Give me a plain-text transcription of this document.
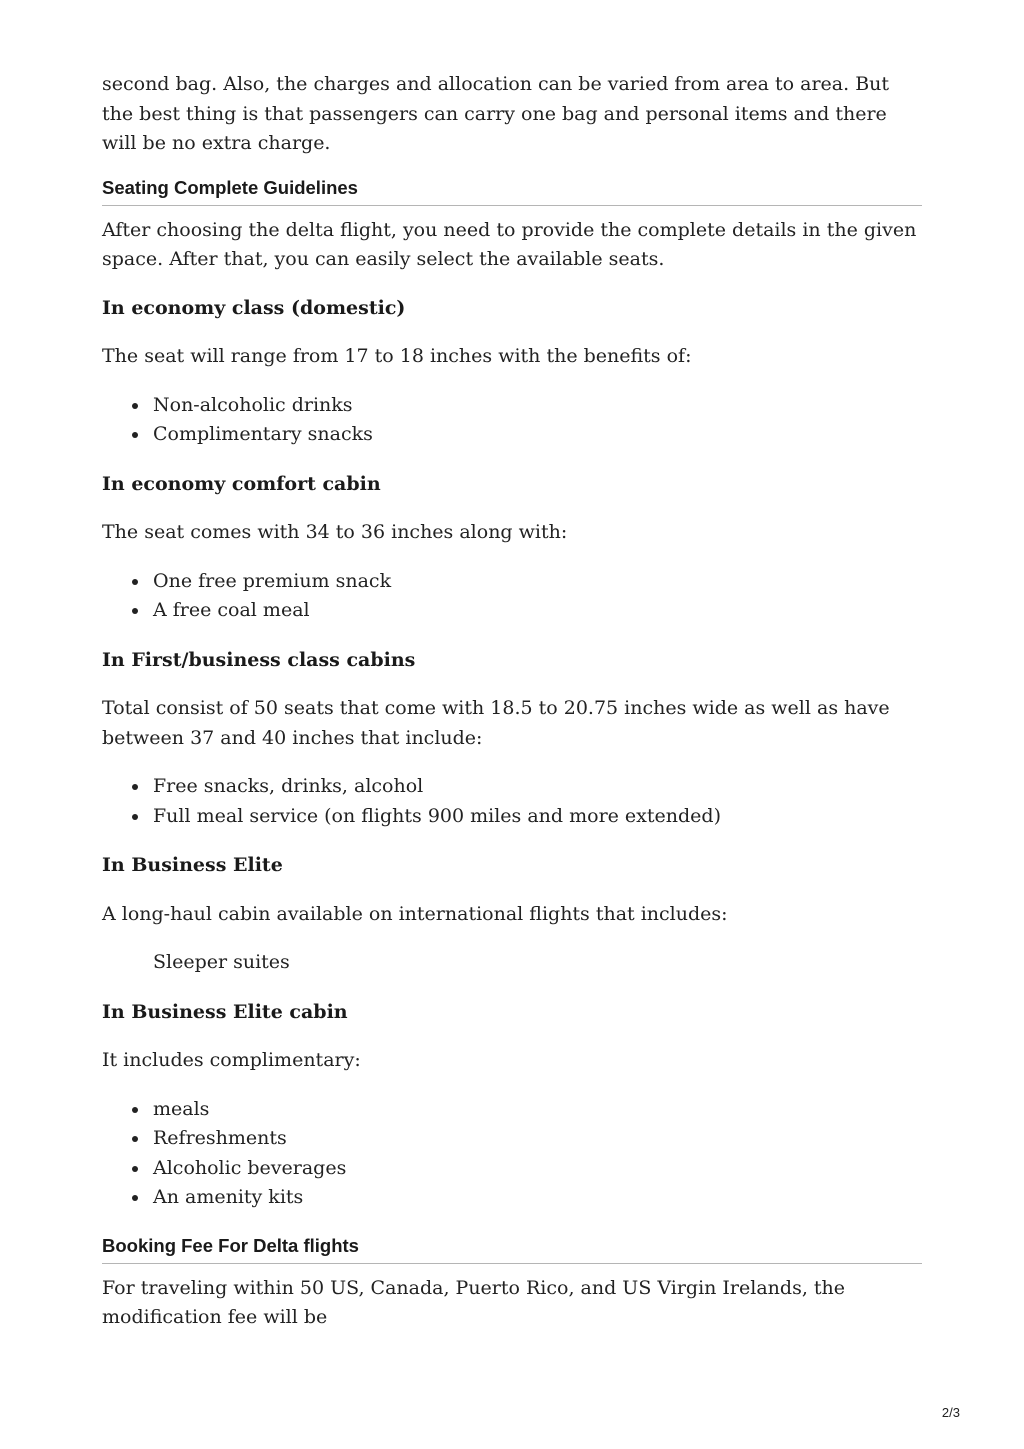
second bag. Also, the charges and allocation can be varied from area to area. But the best thing is that passengers can carry one bag and personal items and there will be no extra charge.

Seating Complete Guidelines

After choosing the delta flight, you need to provide the complete details in the given space. After that, you can easily select the available seats.

In economy class (domestic)

The seat will range from 17 to 18 inches with the benefits of:

Non-alcoholic drinks
Complimentary snacks
In economy comfort cabin

The seat comes with 34 to 36 inches along with:

One free premium snack
A free coal meal
In First/business class cabins

Total consist of 50 seats that come with 18.5 to 20.75 inches wide as well as have between 37 and 40 inches that include:

Free snacks, drinks, alcohol
Full meal service (on flights 900 miles and more extended)
In Business Elite

A long-haul cabin available on international flights that includes:

Sleeper suites

In Business Elite cabin

It includes complimentary:

meals
Refreshments
Alcoholic beverages
An amenity kits
Booking Fee For Delta flights

For traveling within 50 US, Canada, Puerto Rico, and US Virgin Irelands, the modification fee will be

2/3
